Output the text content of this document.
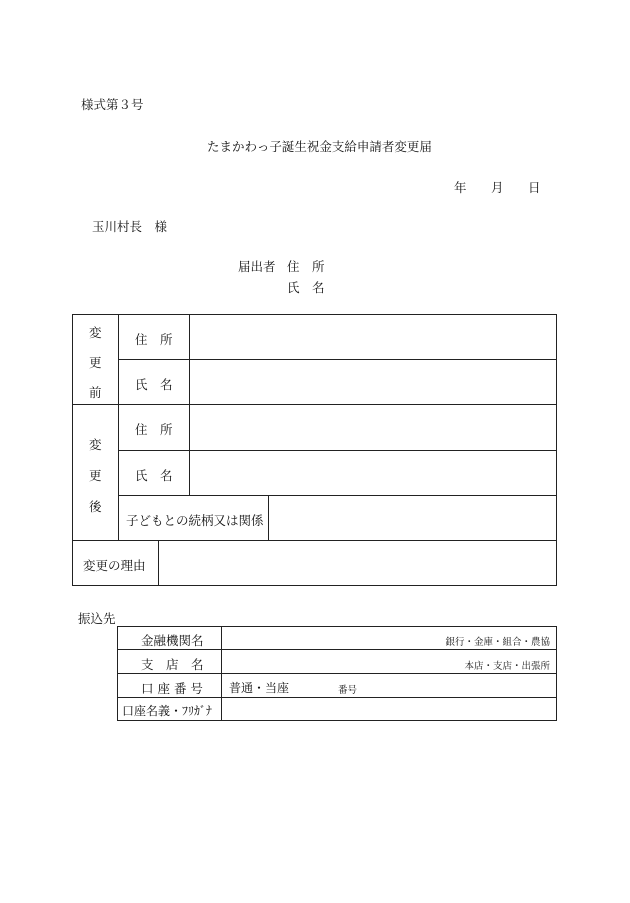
様式第３号
たまかわっ子誕生祝金支給申請者変更届
年 月 日
玉川村長　様
届出者 住　所
氏　名
変
更
前
住　所
氏　名
変
更
後
住　所
氏　名
子どもとの続柄又は関係
変更の理由
振込先
金融機関名	銀行・金庫・組合・農協
支　店　名	本店・支店・出張所
口 座 番 号 普通・当座	番号
口座名義・ﾌﾘｶﾞﾅ
